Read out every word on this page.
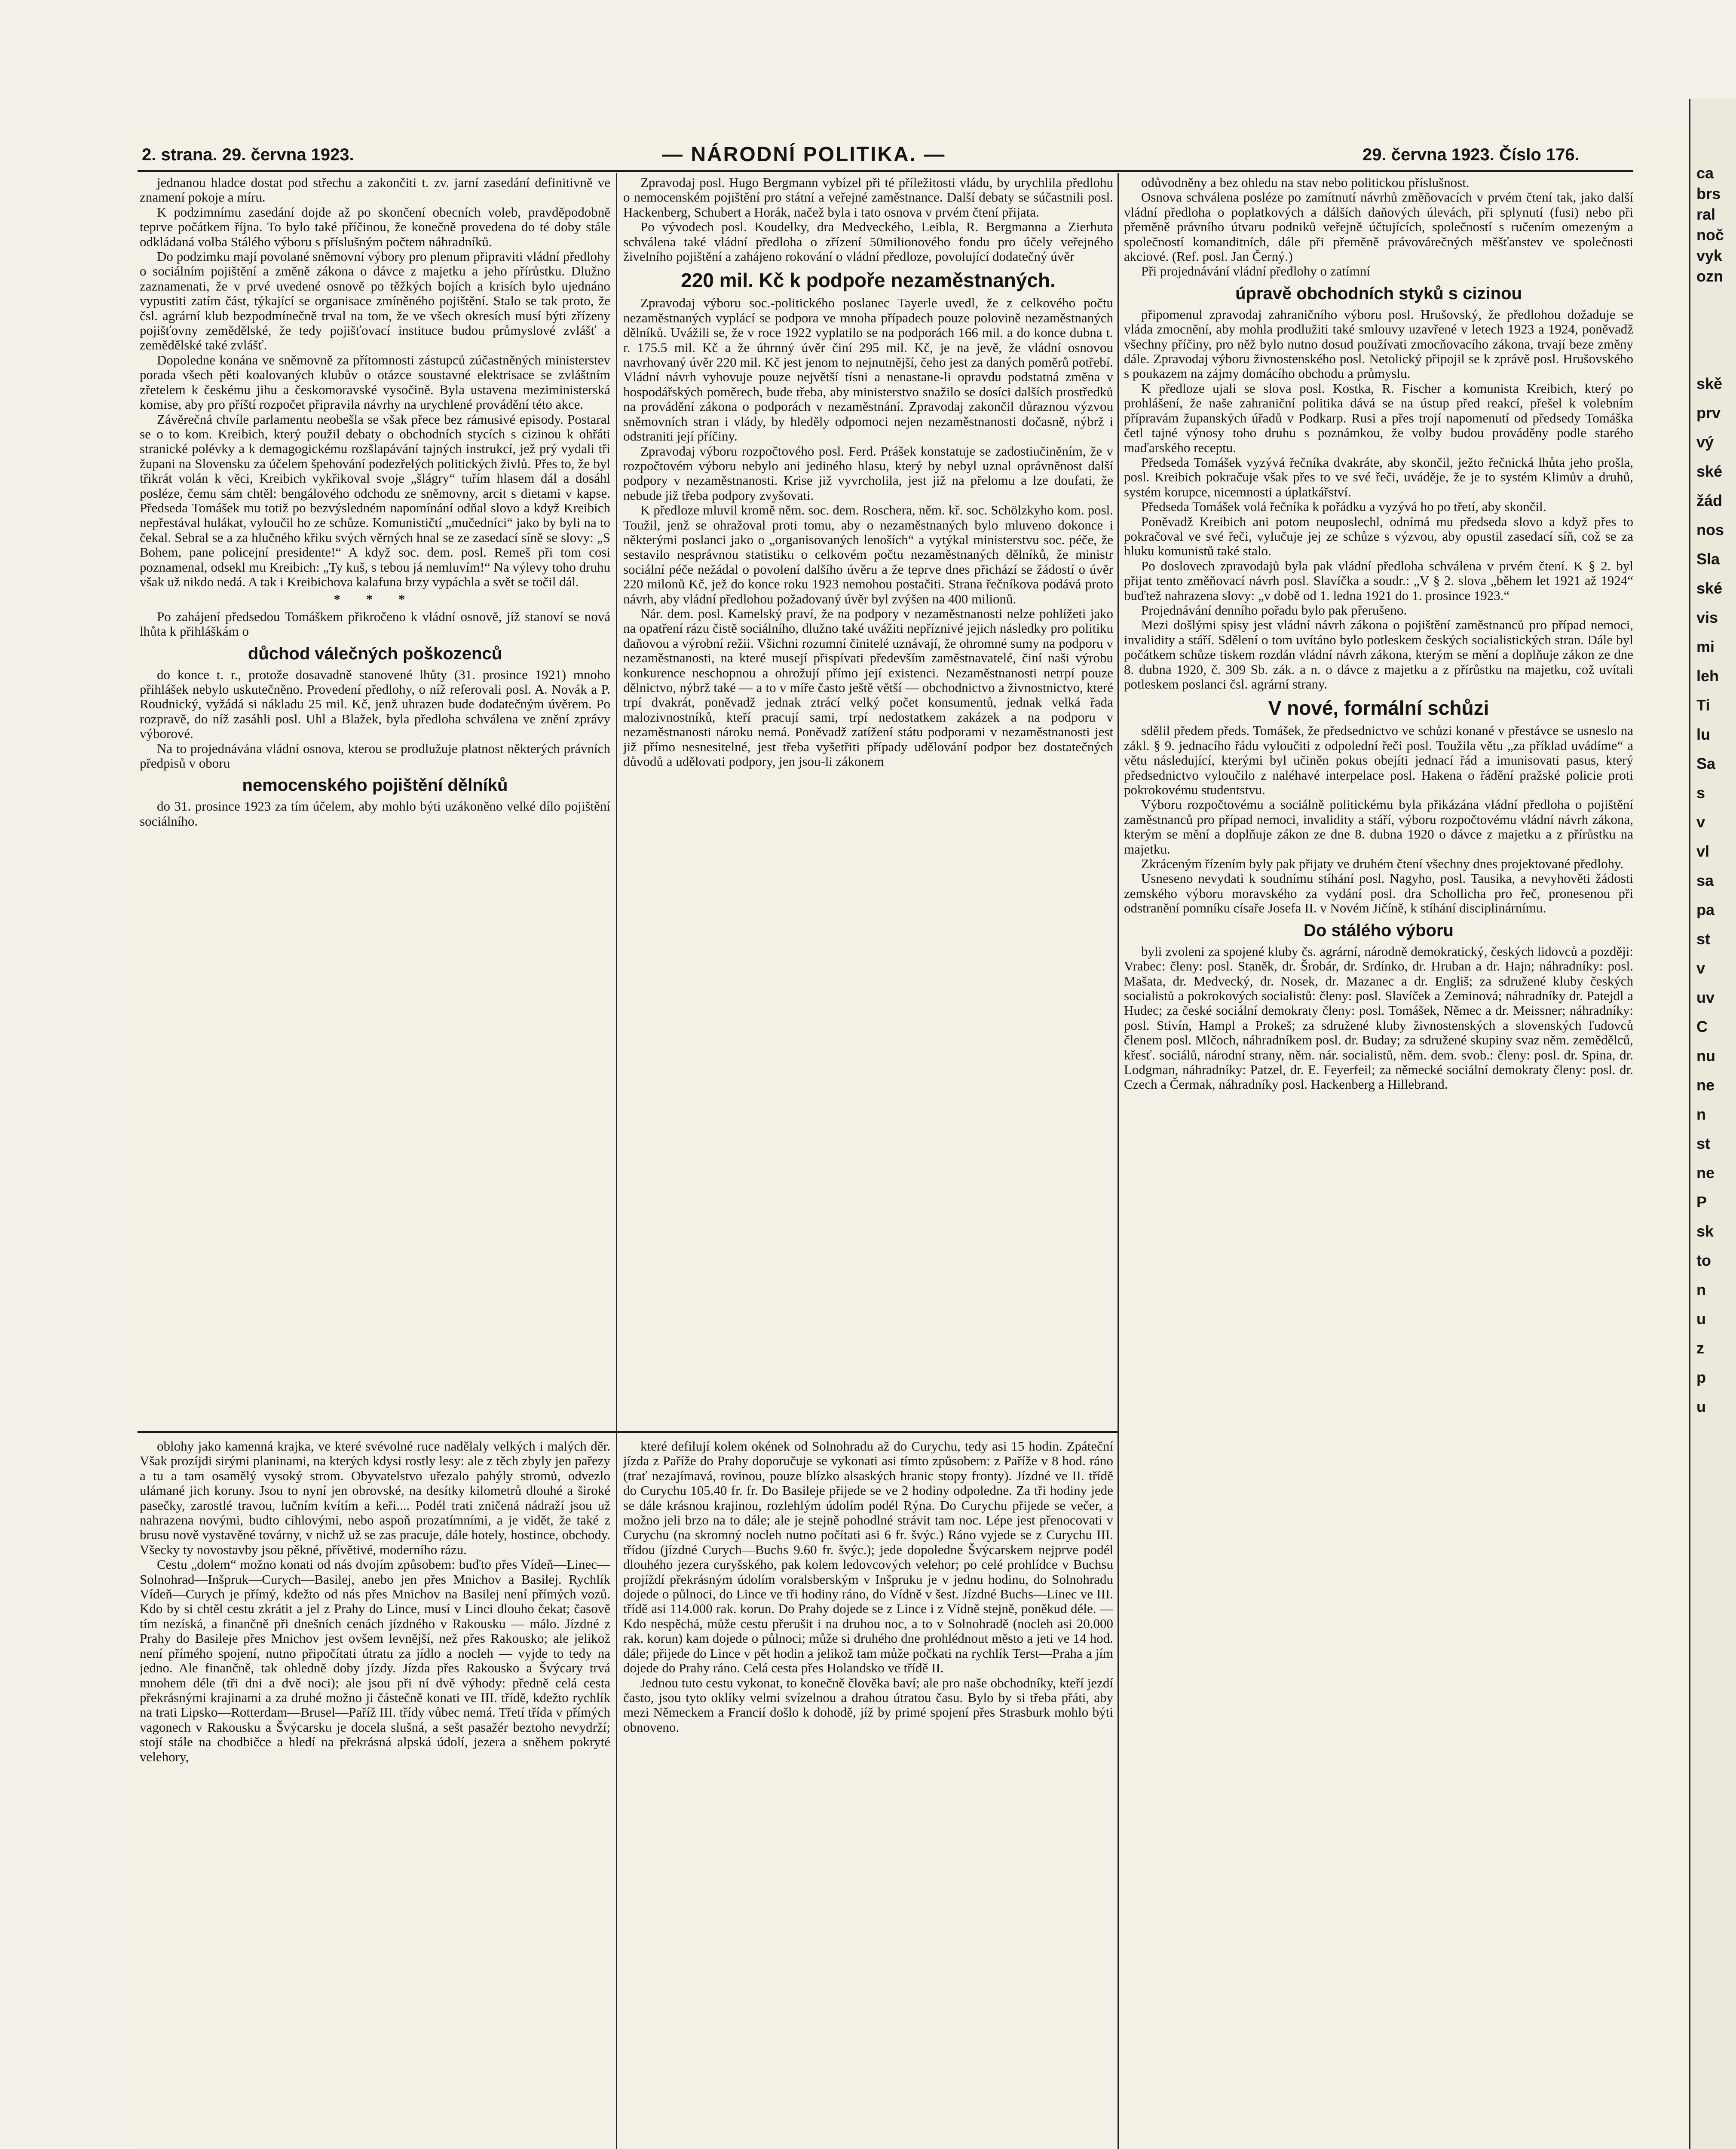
ca
brs
ral
noč
vyk
ozn
skě
prv
vý
ské
žád
nos
Sla
ské
vis
mi
leh
Ti
lu
Sa
s
v
vl
sa
pa
st
v
uv
C
nu
ne
n
st
ne
P
sk
to
n
u
z
p
u
2. strana. 29. června 1923.	— NÁRODNÍ POLITIKA. —	29. června 1923. Číslo 176.

jednanou hladce dostat pod střechu a zakončiti t. zv. jarní zasedání definitivně ve znamení pokoje a míru.

K podzimnímu zasedání dojde až po skončení obecních voleb, pravděpodobně teprve počátkem října. To bylo také příčinou, že konečně provedena do té doby stále odkládaná volba Stálého výboru s příslušným počtem náhradníků.

Do podzimku mají povolané sněmovní výbory pro plenum připraviti vládní předlohy o sociálním pojištění a změně zákona o dávce z majetku a jeho přírůstku. Dlužno zaznamenati, že v prvé uvedené osnově po těžkých bojích a krisích bylo ujednáno vypustiti zatím část, týkající se organisace zmíněného pojištění. Stalo se tak proto, že čsl. agrární klub bezpodmínečně trval na tom, že ve všech okresích musí býti zřízeny pojišťovny zemědělské, že tedy pojišťovací instituce budou průmyslové zvlášť a zemědělské také zvlášť.

Dopoledne konána ve sněmovně za přítomnosti zástupců zúčastněných ministerstev porada všech pěti koalovaných klubův o otázce soustavné elektrisace se zvláštním zřetelem k českému jihu a českomoravské vysočině. Byla ustavena meziministerská komise, aby pro příští rozpočet připravila návrhy na urychlené provádění této akce.

Závěrečná chvíle parlamentu neobešla se však přece bez rámusivé episody. Postaral se o to kom. Kreibich, který použil debaty o obchodních stycích s cizinou k ohřáti stranické polévky a k demagogickému rozšlapávání tajných instrukcí, jež prý vydali tři župani na Slovensku za účelem špehování podezřelých politických živlů. Přes to, že byl třikrát volán k věci, Kreibich vykřikoval svoje „šlágry“ tuřím hlasem dál a dosáhl posléze, čemu sám chtěl: bengálového odchodu ze sněmovny, arcit s dietami v kapse. Předseda Tomášek mu totiž po bezvýsledném napomínání odňal slovo a když Kreibich nepřestával hulákat, vyloučil ho ze schůze. Komunističtí „mučedníci“ jako by byli na to čekal. Sebral se a za hlučného křiku svých věrných hnal se ze zasedací síně se slovy: „S Bohem, pane policejní presidente!“ A když soc. dem. posl. Remeš při tom cosi poznamenal, odsekl mu Kreibich: „Ty kuš, s tebou já nemluvím!“ Na výlevy toho druhu však už nikdo nedá. A tak i Kreibichova kalafuna brzy vypáchla a svět se točil dál.

* * *

Po zahájení předsedou Tomáškem přikročeno k vládní osnově, jíž stanoví se nová lhůta k přihláškám o

důchod válečných poškozenců

do konce t. r., protože dosavadně stanovené lhůty (31. prosince 1921) mnoho přihlášek nebylo uskutečněno. Provedení předlohy, o níž referovali posl. A. Novák a P. Roudnický, vyžádá si nákladu 25 mil. Kč, jenž uhrazen bude dodatečným úvěrem. Po rozpravě, do níž zasáhli posl. Uhl a Blažek, byla předloha schválena ve znění zprávy výborové.

Na to projednávána vládní osnova, kterou se prodlužuje platnost některých právních předpisů v oboru

nemocenského pojištění dělníků

do 31. prosince 1923 za tím účelem, aby mohlo býti uzákoněno velké dílo pojištění sociálního.

Zpravodaj posl. Hugo Bergmann vybízel při té příležitosti vládu, by urychlila předlohu o nemocenském pojištění pro státní a veřejné zaměstnance. Další debaty se súčastnili posl. Hackenberg, Schubert a Horák, načež byla i tato osnova v prvém čtení přijata.

Po vývodech posl. Koudelky, dra Medveckého, Leibla, R. Bergmanna a Zierhuta schválena také vládní předloha o zřízení 50milionového fondu pro účely veřejného živelního pojištění a zahájeno rokování o vládní předloze, povolující dodatečný úvěr

220 mil. Kč k podpoře nezaměstnaných.

Zpravodaj výboru soc.-politického poslanec Tayerle uvedl, že z celkového počtu nezaměstnaných vyplácí se podpora ve mnoha případech pouze polovině nezaměstnaných dělníků. Uvážili se, že v roce 1922 vyplatilo se na podporách 166 mil. a do konce dubna t. r. 175.5 mil. Kč a že úhrnný úvěr činí 295 mil. Kč, je na jevě, že vládní osnovou navrhovaný úvěr 220 mil. Kč jest jenom to nejnutnější, čeho jest za daných poměrů potřebí. Vládní návrh vyhovuje pouze největší tísni a nenastane-li opravdu podstatná změna v hospodářských poměrech, bude třeba, aby ministerstvo snažilo se dosíci dalších prostředků na provádění zákona o podporách v nezaměstnání. Zpravodaj zakončil důraznou výzvou sněmovních stran i vlády, by hleděly odpomoci nejen nezaměstnanosti dočasně, nýbrž i odstraniti její příčiny.

Zpravodaj výboru rozpočtového posl. Ferd. Prášek konstatuje se zadostiučiněním, že v rozpočtovém výboru nebylo ani jediného hlasu, který by nebyl uznal oprávněnost další podpory v nezaměstnanosti. Krise již vyvrcholila, jest již na přelomu a lze doufati, že nebude již třeba podpory zvyšovati.

K předloze mluvil kromě něm. soc. dem. Roschera, něm. kř. soc. Schölzkyho kom. posl. Toužil, jenž se ohražoval proti tomu, aby o nezaměstnaných bylo mluveno dokonce i některými poslanci jako o „organisovaných lenoších“ a vytýkal ministerstvu soc. péče, že sestavilo nesprávnou statistiku o celkovém počtu nezaměstnaných dělníků, že ministr sociální péče nežádal o povolení dalšího úvěru a že teprve dnes přichází se žádostí o úvěr 220 milonů Kč, jež do konce roku 1923 nemohou postačiti. Strana řečníkova podává proto návrh, aby vládní předlohou požadovaný úvěr byl zvýšen na 400 milionů.

Nár. dem. posl. Kamelský praví, že na podpory v nezaměstnanosti nelze pohlížeti jako na opatření rázu čistě sociálního, dlužno také uvážiti nepříznivé jejich následky pro politiku daňovou a výrobní režii. Všichni rozumní činitelé uznávají, že ohromné sumy na podporu v nezaměstnanosti, na které musejí přispívati především zaměstnavatelé, činí naši výrobu konkurence neschopnou a ohrožují přímo její existenci. Nezaměstnanosti netrpí pouze dělnictvo, nýbrž také — a to v míře často ještě větší — obchodnictvo a živnostnictvo, které trpí dvakrát, poněvadž jednak ztrácí velký počet konsumentů, jednak velká řada malozivnostníků, kteří pracují sami, trpí nedostatkem zakázek a na podporu v nezaměstnanosti nároku nemá. Poněvadž zatížení státu podporami v nezaměstnanosti jest již přímo nesnesitelné, jest třeba vyšetřiti případy udělování podpor bez dostatečných důvodů a udělovati podpory, jen jsou-li zákonem

odůvodněny a bez ohledu na stav nebo politickou příslušnost.

Osnova schválena posléze po zamítnutí návrhů změňovacích v prvém čtení tak, jako další vládní předloha o poplatkových a dálších daňových úlevách, při splynutí (fusi) nebo při přeměně právního útvaru podniků veřejně účtujících, společností s ručením omezeným a společností komanditních, dále při přeměně právovárečných měšťanstev ve společnosti akciové. (Ref. posl. Jan Černý.)

Při projednávání vládní předlohy o zatímní

úpravě obchodních styků s cizinou

připomenul zpravodaj zahraničního výboru posl. Hrušovský, že předlohou dožaduje se vláda zmocnění, aby mohla prodlužiti také smlouvy uzavřené v letech 1923 a 1924, poněvadž všechny příčiny, pro něž bylo nutno dosud používati zmocňovacího zákona, trvají beze změny dále. Zpravodaj výboru živnostenského posl. Netolický připojil se k zprávě posl. Hrušovského s poukazem na zájmy domácího obchodu a průmyslu.

K předloze ujali se slova posl. Kostka, R. Fischer a komunista Kreibich, který po prohlášení, že naše zahraniční politika dává se na ústup před reakcí, přešel k volebním přípravám županských úřadů v Podkarp. Rusi a přes trojí napomenutí od předsedy Tomáška četl tajné výnosy toho druhu s poznámkou, že volby budou prováděny podle starého maďarského receptu.

Předseda Tomášek vyzývá řečníka dvakráte, aby skončil, ježto řečnická lhůta jeho prošla, posl. Kreibich pokračuje však přes to ve své řeči, uváděje, že je to systém Klimův a druhů, systém korupce, nicemnosti a úplatkářství.

Předseda Tomášek volá řečníka k pořádku a vyzývá ho po třetí, aby skončil.

Poněvadž Kreibich ani potom neuposlechl, odnímá mu předseda slovo a když přes to pokračoval ve své řeči, vylučuje jej ze schůze s výzvou, aby opustil zasedací síň, což se za hluku komunistů také stalo.

Po doslovech zpravodajů byla pak vládní předloha schválena v prvém čtení. K § 2. byl přijat tento změňovací návrh posl. Slavíčka a soudr.: „V § 2. slova „během let 1921 až 1924“ buďtež nahrazena slovy: „v době od 1. ledna 1921 do 1. prosince 1923.“

Projednávání denního pořadu bylo pak přerušeno.

Mezi došlými spisy jest vládní návrh zákona o pojištění zaměstnanců pro případ nemoci, invalidity a stáří. Sdělení o tom uvítáno bylo potleskem českých socialistických stran. Dále byl počátkem schůze tiskem rozdán vládní návrh zákona, kterým se mění a doplňuje zákon ze dne 8. dubna 1920, č. 309 Sb. zák. a n. o dávce z majetku a z přírůstku na majetku, což uvítali potleskem poslanci čsl. agrární strany.

V nové, formální schůzi

sdělil předem předs. Tomášek, že předsednictvo ve schůzi konané v přestávce se usneslo na zákl. § 9. jednacího řádu vyloučiti z odpolední řeči posl. Toužila větu „za příklad uvádíme“ a větu následující, kterými byl učiněn pokus obejíti jednací řád a imunisovati pasus, který předsednictvo vyloučilo z naléhavé interpelace posl. Hakena o řádění pražské policie proti pokrokovému studentstvu.

Výboru rozpočtovému a sociálně politickému byla přikázána vládní předloha o pojištění zaměstnanců pro případ nemoci, invalidity a stáří, výboru rozpočtovému vládní návrh zákona, kterým se mění a doplňuje zákon ze dne 8. dubna 1920 o dávce z majetku a z přírůstku na majetku.

Zkráceným řízením byly pak přijaty ve druhém čtení všechny dnes projektované předlohy.

Usneseno nevydati k soudnímu stíhání posl. Nagyho, posl. Tausika, a nevyhověti žádosti zemského výboru moravského za vydání posl. dra Schollicha pro řeč, pronesenou při odstranění pomníku císaře Josefa II. v Novém Jičíně, k stíhání disciplinárnímu.

Do stálého výboru

byli zvoleni za spojené kluby čs. agrární, národně demokratický, českých lidovců a později: Vrabec: členy: posl. Staněk, dr. Šrobár, dr. Srdínko, dr. Hruban a dr. Hajn; náhradníky: posl. Mašata, dr. Medvecký, dr. Nosek, dr. Mazanec a dr. Engliš; za sdružené kluby českých socialistů a pokrokových socialistů: členy: posl. Slavíček a Zeminová; náhradníky dr. Patejdl a Hudec; za české sociální demokraty členy: posl. Tomášek, Němec a dr. Meissner; náhradníky: posl. Stivín, Hampl a Prokeš; za sdružené kluby živnostenských a slovenských ľudovců členem posl. Mlčoch, náhradníkem posl. dr. Buday; za sdružené skupiny svaz něm. zemědělců, křesť. sociálů, národní strany, něm. nár. socialistů, něm. dem. svob.: členy: posl. dr. Spina, dr. Lodgman, náhradníky: Patzel, dr. E. Feyerfeil; za německé sociální demokraty členy: posl. dr. Czech a Čermak, náhradníky posl. Hackenberg a Hillebrand.

oblohy jako kamenná krajka, ve které svévolné ruce nadělaly velkých i malých děr. Však prozíjdi sirými planinami, na kterých kdysi rostly lesy: ale z těch zbyly jen pařezy a tu a tam osamělý vysoký strom. Obyvatelstvo uřezalo pahýly stromů, odvezlo ulámané jich koruny. Jsou to nyní jen obrovské, na desítky kilometrů dlouhé a široké pasečky, zarostlé travou, lučním kvítím a keři.... Podél trati zničená nádraží jsou už nahrazena novými, budto cihlovými, nebo aspoň prozatímními, a je vidět, že také z brusu nově vystavěné továrny, v nichž už se zas pracuje, dále hotely, hostince, obchody. Všecky ty novostavby jsou pěkné, přívětivé, moderního rázu.

Cestu „dolem“ možno konati od nás dvojím způsobem: buďto přes Vídeň—Linec—Solnohrad—Inšpruk—Curych—Basilej, anebo jen přes Mnichov a Basilej. Rychlík Vídeň—Curych je přímý, kdežto od nás přes Mnichov na Basilej není přímých vozů. Kdo by si chtěl cestu zkrátit a jel z Prahy do Lince, musí v Linci dlouho čekat; časově tím nezíská, a finančně při dnešních cenách jízdného v Rakousku — málo. Jízdné z Prahy do Basileje přes Mnichov jest ovšem levnější, než přes Rakousko; ale jelikož není přímého spojení, nutno připočítati útratu za jídlo a nocleh — vyjde to tedy na jedno. Ale finančně, tak ohledně doby jízdy. Jízda přes Rakousko a Švýcary trvá mnohem déle (tři dni a dvě noci); ale jsou při ní dvě výhody: předně celá cesta překrásnými krajinami a za druhé možno ji částečně konati ve III. třídě, kdežto rychlík na trati Lipsko—Rotterdam—Brusel—Paříž III. třídy vůbec nemá. Třetí třída v přímých vagonech v Rakousku a Švýcarsku je docela slušná, a sešt pasažér beztoho nevydrží; stojí stále na chodbičce a hledí na překrásná alpská údolí, jezera a sněhem pokryté velehory,

které defilují kolem okének od Solnohradu až do Curychu, tedy asi 15 hodin. Zpáteční jízda z Paříže do Prahy doporučuje se vykonati asi tímto způsobem: z Paříže v 8 hod. ráno (trať nezajímavá, rovinou, pouze blízko alsaských hranic stopy fronty). Jízdné ve II. třídě do Curychu 105.40 fr. fr. Do Basileje přijede se ve 2 hodiny odpoledne. Za tři hodiny jede se dále krásnou krajinou, rozlehlým údolím podél Rýna. Do Curychu přijede se večer, a možno jeli brzo na to dále; ale je stejně pohodlné strávit tam noc. Lépe jest přenocovati v Curychu (na skromný nocleh nutno počítati asi 6 fr. švýc.) Ráno vyjede se z Curychu III. třídou (jízdné Curych—Buchs 9.60 fr. švýc.); jede dopoledne Švýcarskem nejprve podél dlouhého jezera curyšského, pak kolem ledovcových velehor; po celé prohlídce v Buchsu projíždí překrásným údolím voralsberským v Inšpruku je v jednu hodinu, do Solnohradu dojede o půlnoci, do Lince ve tři hodiny ráno, do Vídně v šest. Jízdné Buchs—Linec ve III. třídě asi 114.000 rak. korun. Do Prahy dojede se z Lince i z Vídně stejně, poněkud déle. — Kdo nespěchá, může cestu přerušit i na druhou noc, a to v Solnohradě (nocleh asi 20.000 rak. korun) kam dojede o půlnoci; může si druhého dne prohlédnout město a jeti ve 14 hod. dále; přijede do Lince v pět hodin a jelikož tam může počkati na rychlík Terst—Praha a jím dojede do Prahy ráno. Celá cesta přes Holandsko ve třídě II.

Jednou tuto cestu vykonat, to konečně člověka baví; ale pro naše obchodníky, kteří jezdí často, jsou tyto oklíky velmi svízelnou a drahou útratou času. Bylo by si třeba přáti, aby mezi Německem a Francií došlo k dohodě, jíž by primé spojení přes Strasburk mohlo býti obnoveno.
